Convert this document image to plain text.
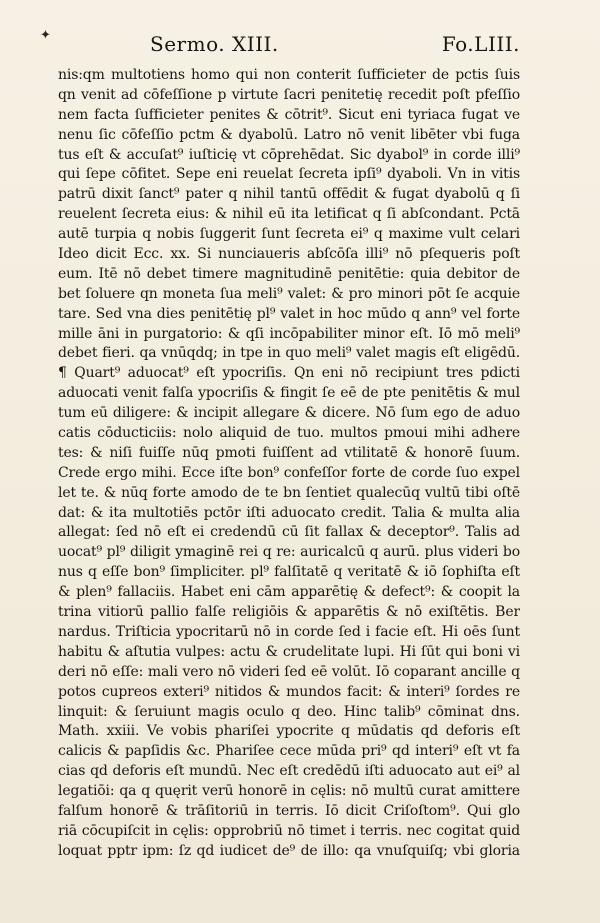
✦	Sermo. XIII.	Fo.LIII.
nis:qm multotiens homo qui non conterit ſufficieter de pctis ſuis
qn venit ad cōfeſſione p virtute ſacri penitetię recedit poſt pfeſſio
nem facta ſufficieter penites & cōtrit⁹. Sicut eni tyriaca fugat ve
nenu ſic cōfeſſio pctm & dyabolū. Latro nō venit libēter vbi fuga
tus eſt & accuſat⁹ iuſticię vt cōprehēdat. Sic dyabol⁹ in corde illi⁹
qui ſepe cōfitet. Sepe eni reuelat ſecreta ipſi⁹ dyaboli. Vn in vitis
patrū dixit ſanct⁹ pater q nihil tantū offēdit & fugat dyabolū q ſi
reuelent ſecreta eius: & nihil eū ita letificat q ſi abſcondant. Pctā
autē turpia q nobis ſuggerit ſunt ſecreta ei⁹ q maxime vult celari
Ideo dicit Ecc. xx. Si nunciaueris abſcōſa illi⁹ nō pſequeris poſt
eum. Itē nō debet timere magnitudinē penitētie: quia debitor de
bet ſoluere qn moneta ſua meli⁹ valet: & pro minori pōt ſe acquie
tare. Sed vna dies penitētię pl⁹ valet in hoc mūdo q ann⁹ vel forte
mille āni in purgatorio: & qſi incōpabiliter minor eſt. Iō mō meli⁹
debet fieri. qa vnūqdq; in tpe in quo meli⁹ valet magis eſt eligēdū.
¶ Quart⁹ aduocat⁹ eſt ypocriſis. Qn eni nō recipiunt tres pdicti
aduocati venit falſa ypocriſis & fingit ſe eē de pte penitētis & mul
tum eū diligere: & incipit allegare & dicere. Nō ſum ego de aduo
catis cōducticiis: nolo aliquid de tuo. multos pmoui mihi adhere
tes: & niſi fuiſſe nūq pmoti fuiſſent ad vtilitatē & honorē ſuum.
Crede ergo mihi. Ecce iſte bon⁹ confeſſor forte de corde ſuo expel
let te. & nūq forte amodo de te bn ſentiet qualecūq vultū tibi oſtē
dat: & ita multotiēs pctōr iſti aduocato credit. Talia & multa alia
allegat: ſed nō eſt ei credendū cū ſit fallax & deceptor⁹. Talis ad
uocat⁹ pl⁹ diligit ymaginē rei q re: auricalcū q aurū. plus videri bo
nus q eſſe bon⁹ ſimpliciter. pl⁹ falſitatē q veritatē & iō ſophiſta eſt
& plen⁹ fallaciis. Habet eni cām apparētię & defect⁹: & coopit la
trina vitiorū pallio falſe religiōis & apparētis & nō exiſtētis. Ber
nardus. Triſticia ypocritarū nō in corde ſed i facie eſt. Hi oēs ſunt
habitu & aſtutia vulpes: actu & crudelitate lupi. Hi ſūt qui boni vi
deri nō eſſe: mali vero nō videri ſed eē volūt. Iō coparant ancille q
potos cupreos exteri⁹ nitidos & mundos facit: & interi⁹ ſordes re
linquit: & ſeruiunt magis oculo q deo. Hinc talib⁹ cōminat dns.
Math. xxiii. Ve vobis phariſei ypocrite q mūdatis qd deforis eſt
calicis & papſidis &c. Phariſee cece mūda pri⁹ qd interi⁹ eſt vt fa
cias qd deforis eſt mundū. Nec eſt credēdū iſti aduocato aut ei⁹ al
legatiōi: qa q quęrit verū honorē in cęlis: nō multū curat amittere
falſum honorē & trāſitoriū in terris. Iō dicit Criſoſtom⁹. Qui glo
riā cōcupiſcit in cęlis: opprobriū nō timet i terris. nec cogitat quid
loquat pptr ipm: ſz qd iudicet de⁹ de illo: qa vnuſquiſq; vbi gloria
